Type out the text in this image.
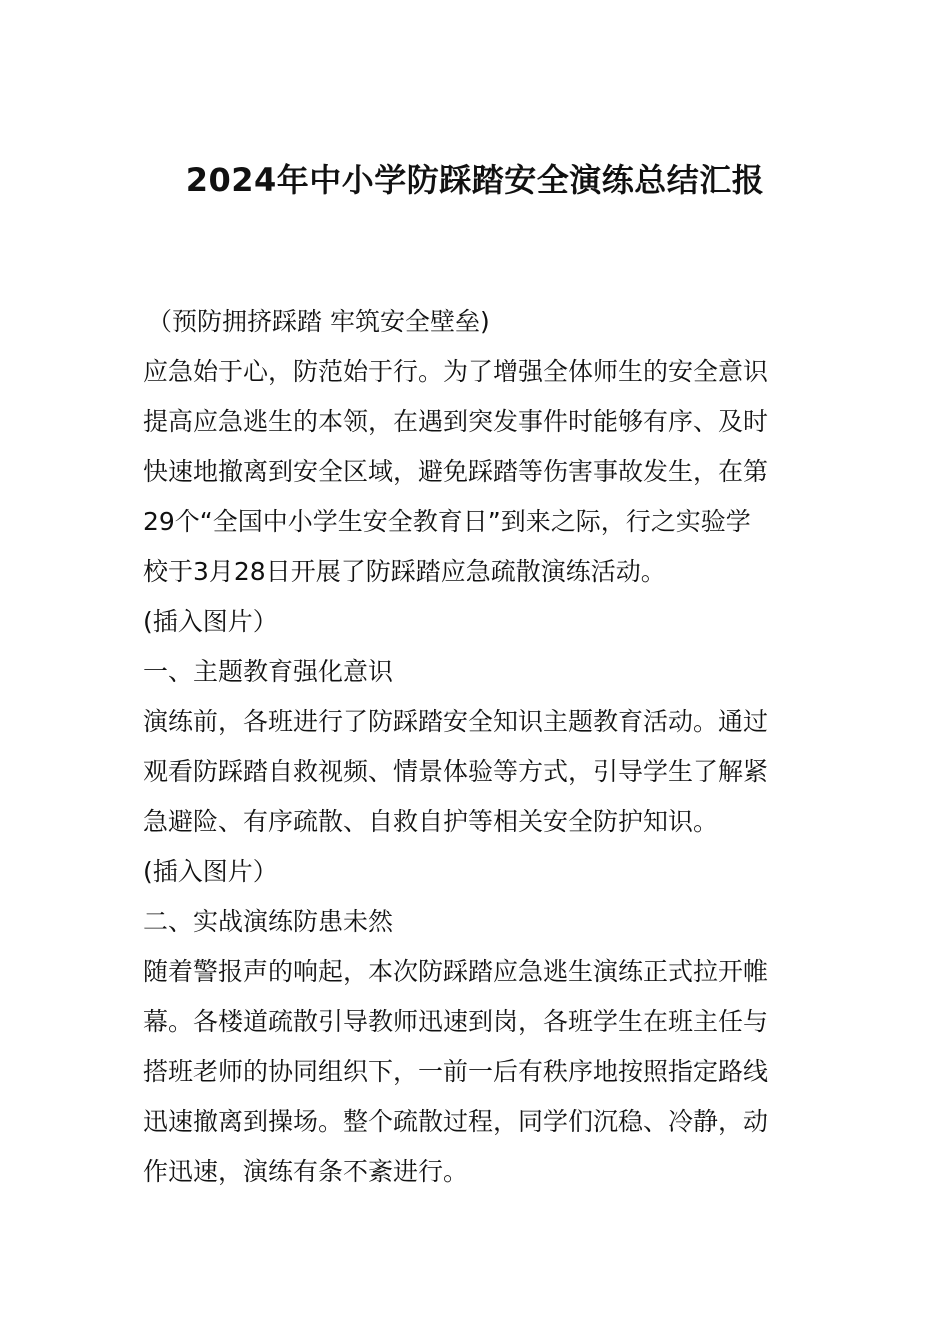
2024年中小学防踩踏安全演练总结汇报
（预防拥挤踩踏 牢筑安全壁垒)
应急始于心，防范始于行。为了增强全体师生的安全意识
提高应急逃生的本领，在遇到突发事件时能够有序、及时
快速地撤离到安全区域，避免踩踏等伤害事故发生，在第
29个“全国中小学生安全教育日”到来之际，行之实验学
校于3月28日开展了防踩踏应急疏散演练活动。
(插入图片）
一、主题教育强化意识
演练前，各班进行了防踩踏安全知识主题教育活动。通过
观看防踩踏自救视频、情景体验等方式，引导学生了解紧
急避险、有序疏散、自救自护等相关安全防护知识。
(插入图片）
二、实战演练防患未然
随着警报声的响起，本次防踩踏应急逃生演练正式拉开帷
幕。各楼道疏散引导教师迅速到岗，各班学生在班主任与
搭班老师的协同组织下，一前一后有秩序地按照指定路线
迅速撤离到操场。整个疏散过程，同学们沉稳、冷静，动
作迅速，演练有条不紊进行。
